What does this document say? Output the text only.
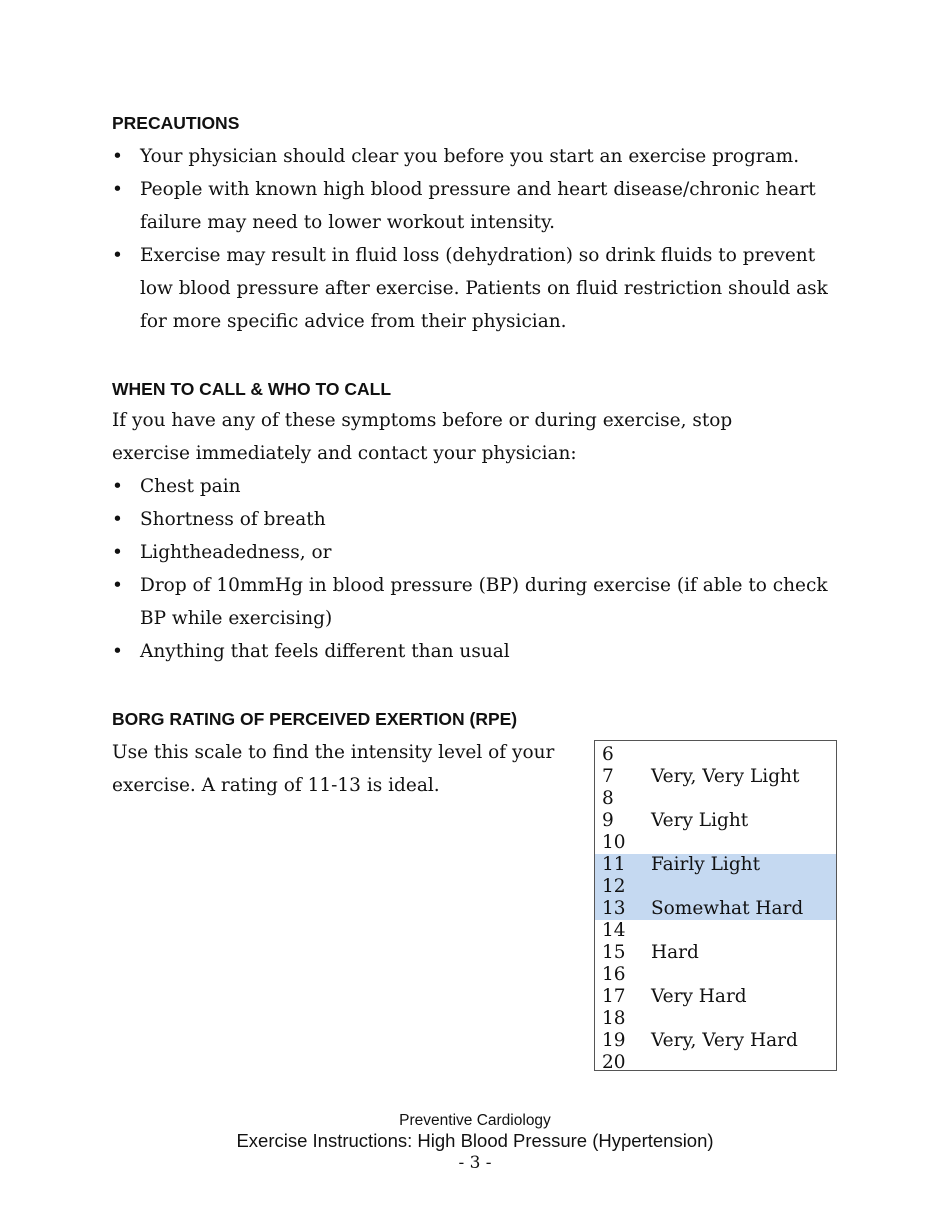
PRECAUTIONS
• Your physician should clear you before you start an exercise program.
• People with known high blood pressure and heart disease/chronic heart failure may need to lower workout intensity.
• Exercise may result in fluid loss (dehydration) so drink fluids to prevent low blood pressure after exercise. Patients on fluid restriction should ask for more specific advice from their physician.
WHEN TO CALL & WHO TO CALL

If you have any of these symptoms before or during exercise, stop exercise immediately and contact your physician:

• Chest pain
• Shortness of breath
• Lightheadedness, or
• Drop of 10mmHg in blood pressure (BP) during exercise (if able to check BP while exercising)
• Anything that feels different than usual
BORG RATING OF PERCEIVED EXERTION (RPE)

Use this scale to find the intensity level of your exercise. A rating of 11-13 is ideal.

6
7	Very, Very Light
8
9	Very Light
10
11	Fairly Light
12
13	Somewhat Hard
14
15	Hard
16
17	Very Hard
18
19	Very, Very Hard
20

Preventive Cardiology

Exercise Instructions: High Blood Pressure (Hypertension)

- 3 -
